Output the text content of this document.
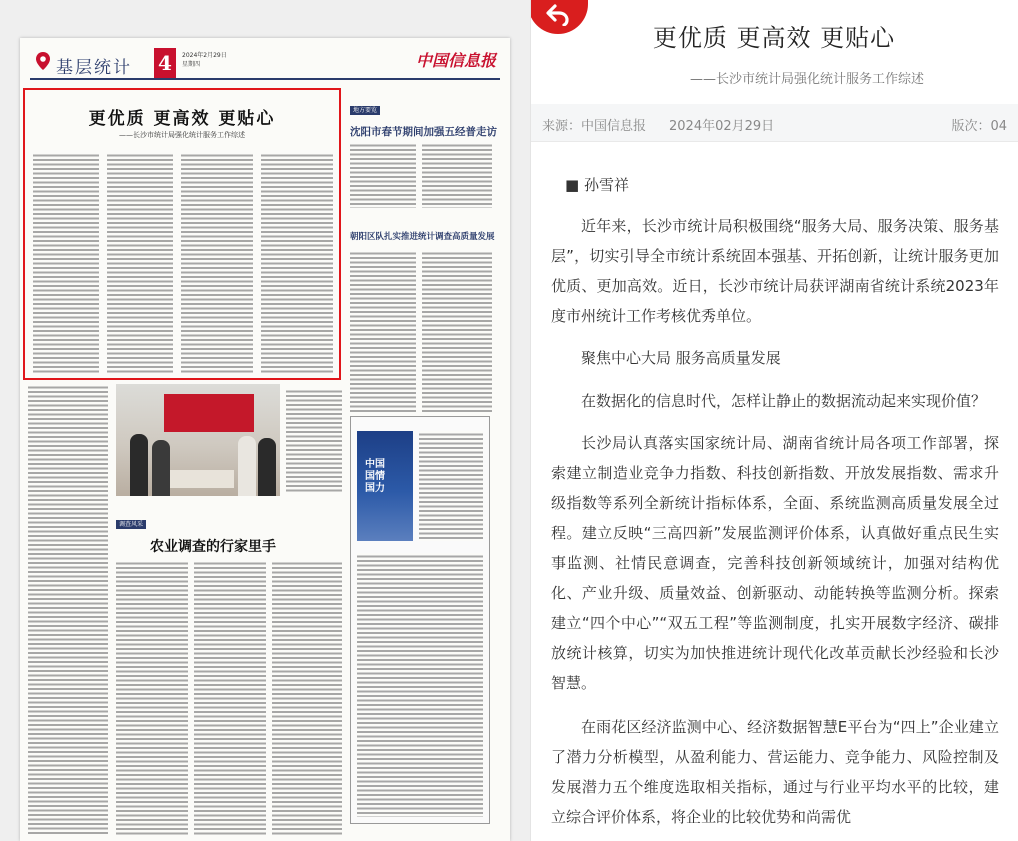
基层统计 4	2024年2月29日
星期四	中国信息报
更优质 更高效 更贴心
——长沙市统计局强化统计服务工作综述
地方要览
沈阳市春节期间加强五经普走访
朝阳区队扎实推进统计调查高质量发展
调查风采
农业调查的行家里手
中国国情国力
更优质 更高效 更贴心
——长沙市统计局强化统计服务工作综述
来源：中国信息报 2024年02月29日	版次：04

■ 孙雪祥

近年来，长沙市统计局积极围绕“服务大局、服务决策、服务基层”，切实引导全市统计系统固本强基、开拓创新，让统计服务更加优质、更加高效。近日，长沙市统计局获评湖南省统计系统2023年度市州统计工作考核优秀单位。

聚焦中心大局 服务高质量发展

在数据化的信息时代，怎样让静止的数据流动起来实现价值？

长沙局认真落实国家统计局、湖南省统计局各项工作部署，探索建立制造业竞争力指数、科技创新指数、开放发展指数、需求升级指数等系列全新统计指标体系，全面、系统监测高质量发展全过程。建立反映“三高四新”发展监测评价体系，认真做好重点民生实事监测、社情民意调查，完善科技创新领域统计，加强对结构优化、产业升级、质量效益、创新驱动、动能转换等监测分析。探索建立“四个中心”“双五工程”等监测制度，扎实开展数字经济、碳排放统计核算，切实为加快推进统计现代化改革贡献长沙经验和长沙智慧。

在雨花区经济监测中心、经济数据智慧E平台为“四上”企业建立了潜力分析模型，从盈利能力、营运能力、竞争能力、风险控制及发展潜力五个维度选取相关指标，通过与行业平均水平的比较，建立综合评价体系，将企业的比较优势和尚需优
